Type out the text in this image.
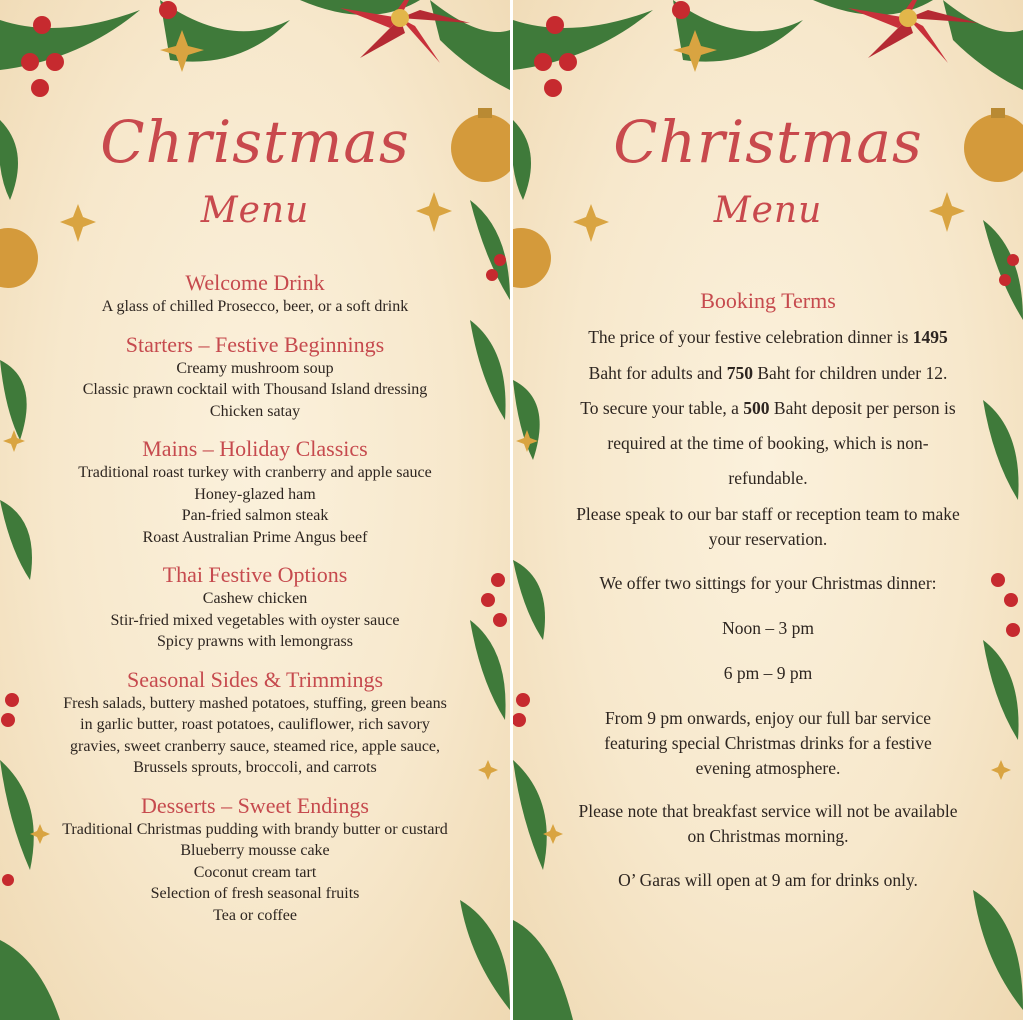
Christmas
Menu

Welcome Drink

A glass of chilled Prosecco, beer, or a soft drink

Starters – Festive Beginnings

Creamy mushroom soup

Classic prawn cocktail with Thousand Island dressing

Chicken satay

Mains – Holiday Classics

Traditional roast turkey with cranberry and apple sauce

Honey-glazed ham

Pan-fried salmon steak

Roast Australian Prime Angus beef

Thai Festive Options

Cashew chicken

Stir-fried mixed vegetables with oyster sauce

Spicy prawns with lemongrass

Seasonal Sides & Trimmings

Fresh salads, buttery mashed potatoes, stuffing, green beans

in garlic butter, roast potatoes, cauliflower, rich savory

gravies, sweet cranberry sauce, steamed rice, apple sauce,

Brussels sprouts, broccoli, and carrots

Desserts – Sweet Endings

Traditional Christmas pudding with brandy butter or custard

Blueberry mousse cake

Coconut cream tart

Selection of fresh seasonal fruits

Tea or coffee

Christmas
Menu

Booking Terms

The price of your festive celebration dinner is 1495

Baht for adults and 750 Baht for children under 12.

To secure your table, a 500 Baht deposit per person is

required at the time of booking, which is non-

refundable.

Please speak to our bar staff or reception team to make

your reservation.

We offer two sittings for your Christmas dinner:

Noon – 3 pm

6 pm – 9 pm

From 9 pm onwards, enjoy our full bar service

featuring special Christmas drinks for a festive

evening atmosphere.

Please note that breakfast service will not be available

on Christmas morning.

O’ Garas will open at 9 am for drinks only.
